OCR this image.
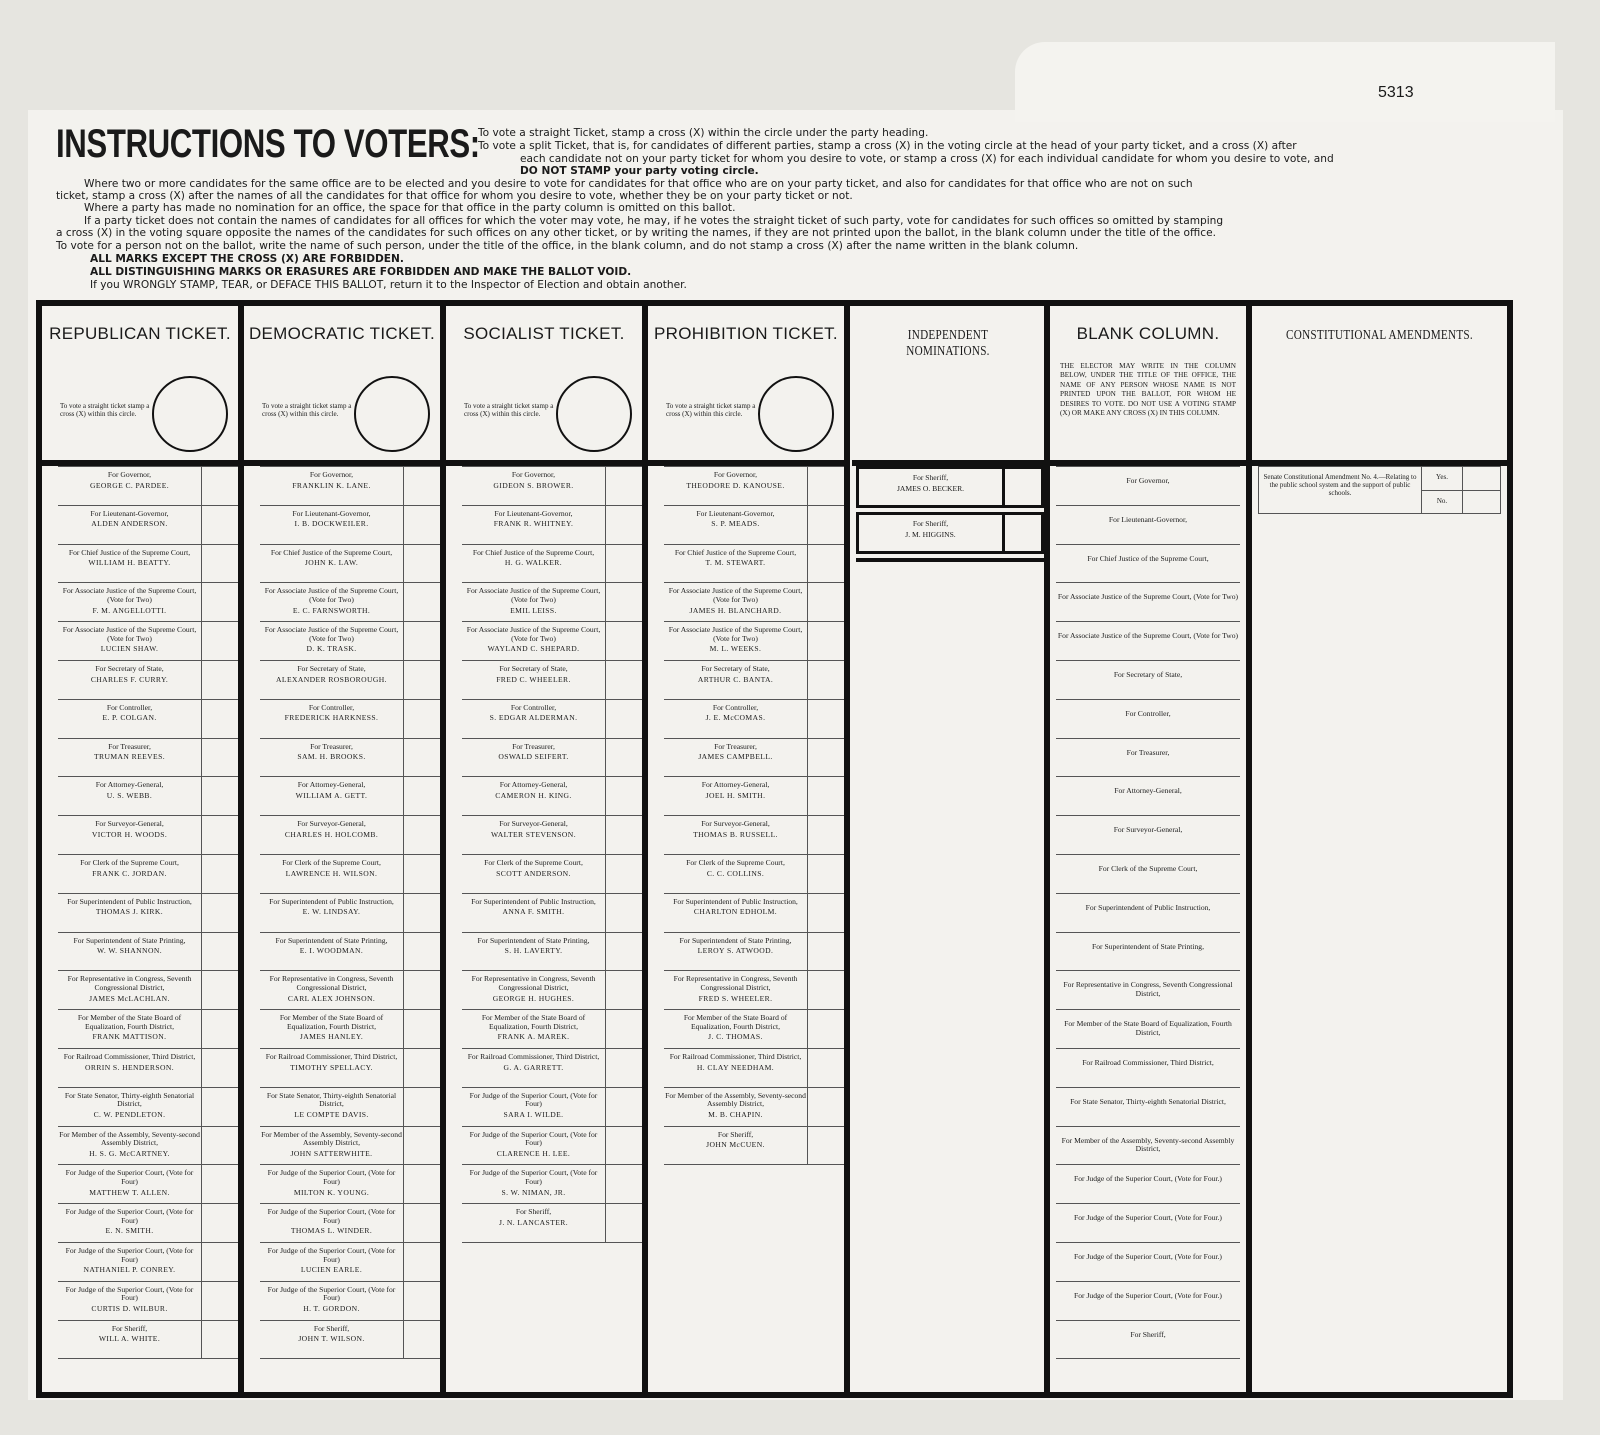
5313
INSTRUCTIONS TO VOTERS:
To vote a straight Ticket, stamp a cross (X) within the circle under the party heading.
To vote a split Ticket, that is, for candidates of different parties, stamp a cross (X) in the voting circle at the head of your party ticket, and a cross (X) after
each candidate not on your party ticket for whom you desire to vote, or stamp a cross (X) for each individual candidate for whom you desire to vote, and
DO NOT STAMP your party voting circle.
Where two or more candidates for the same office are to be elected and you desire to vote for candidates for that office who are on your party ticket, and also for candidates for that office who are not on such
ticket, stamp a cross (X) after the names of all the candidates for that office for whom you desire to vote, whether they be on your party ticket or not.
Where a party has made no nomination for an office, the space for that office in the party column is omitted on this ballot.
If a party ticket does not contain the names of candidates for all offices for which the voter may vote, he may, if he votes the straight ticket of such party, vote for candidates for such offices so omitted by stamping
a cross (X) in the voting square opposite the names of the candidates for such offices on any other ticket, or by writing the names, if they are not printed upon the ballot, in the blank column under the title of the office.
To vote for a person not on the ballot, write the name of such person, under the title of the office, in the blank column, and do not stamp a cross (X) after the name written in the blank column.
ALL MARKS EXCEPT THE CROSS (X) ARE FORBIDDEN.
ALL DISTINGUISHING MARKS OR ERASURES ARE FORBIDDEN AND MAKE THE BALLOT VOID.
If you WRONGLY STAMP, TEAR, or DEFACE THIS BALLOT, return it to the Inspector of Election and obtain another.
REPUBLICAN TICKET.
To vote a straight ticket stamp a cross (X) within this circle.
For Governor,
GEORGE C. PARDEE.
For Lieutenant-Governor,
ALDEN ANDERSON.
For Chief Justice of the Supreme Court,
WILLIAM H. BEATTY.
For Associate Justice of the Supreme Court, (Vote for Two)
F. M. ANGELLOTTI.
For Associate Justice of the Supreme Court, (Vote for Two)
LUCIEN SHAW.
For Secretary of State,
CHARLES F. CURRY.
For Controller,
E. P. COLGAN.
For Treasurer,
TRUMAN REEVES.
For Attorney-General,
U. S. WEBB.
For Surveyor-General,
VICTOR H. WOODS.
For Clerk of the Supreme Court,
FRANK C. JORDAN.
For Superintendent of Public Instruction,
THOMAS J. KIRK.
For Superintendent of State Printing,
W. W. SHANNON.
For Representative in Congress, Seventh Congressional District,
JAMES McLACHLAN.
For Member of the State Board of Equalization, Fourth District,
FRANK MATTISON.
For Railroad Commissioner, Third District,
ORRIN S. HENDERSON.
For State Senator, Thirty-eighth Senatorial District,
C. W. PENDLETON.
For Member of the Assembly, Seventy-second Assembly District,
H. S. G. McCARTNEY.
For Judge of the Superior Court, (Vote for Four)
MATTHEW T. ALLEN.
For Judge of the Superior Court, (Vote for Four)
E. N. SMITH.
For Judge of the Superior Court, (Vote for Four)
NATHANIEL P. CONREY.
For Judge of the Superior Court, (Vote for Four)
CURTIS D. WILBUR.
For Sheriff,
WILL A. WHITE.
DEMOCRATIC TICKET.
To vote a straight ticket stamp a cross (X) within this circle.
For Governor,
FRANKLIN K. LANE.
For Lieutenant-Governor,
I. B. DOCKWEILER.
For Chief Justice of the Supreme Court,
JOHN K. LAW.
For Associate Justice of the Supreme Court, (Vote for Two)
E. C. FARNSWORTH.
For Associate Justice of the Supreme Court, (Vote for Two)
D. K. TRASK.
For Secretary of State,
ALEXANDER ROSBOROUGH.
For Controller,
FREDERICK HARKNESS.
For Treasurer,
SAM. H. BROOKS.
For Attorney-General,
WILLIAM A. GETT.
For Surveyor-General,
CHARLES H. HOLCOMB.
For Clerk of the Supreme Court,
LAWRENCE H. WILSON.
For Superintendent of Public Instruction,
E. W. LINDSAY.
For Superintendent of State Printing,
E. I. WOODMAN.
For Representative in Congress, Seventh Congressional District,
CARL ALEX JOHNSON.
For Member of the State Board of Equalization, Fourth District,
JAMES HANLEY.
For Railroad Commissioner, Third District,
TIMOTHY SPELLACY.
For State Senator, Thirty-eighth Senatorial District,
LE COMPTE DAVIS.
For Member of the Assembly, Seventy-second Assembly District,
JOHN SATTERWHITE.
For Judge of the Superior Court, (Vote for Four)
MILTON K. YOUNG.
For Judge of the Superior Court, (Vote for Four)
THOMAS L. WINDER.
For Judge of the Superior Court, (Vote for Four)
LUCIEN EARLE.
For Judge of the Superior Court, (Vote for Four)
H. T. GORDON.
For Sheriff,
JOHN T. WILSON.
SOCIALIST TICKET.
To vote a straight ticket stamp a cross (X) within this circle.
For Governor,
GIDEON S. BROWER.
For Lieutenant-Governor,
FRANK R. WHITNEY.
For Chief Justice of the Supreme Court,
H. G. WALKER.
For Associate Justice of the Supreme Court, (Vote for Two)
EMIL LEISS.
For Associate Justice of the Supreme Court, (Vote for Two)
WAYLAND C. SHEPARD.
For Secretary of State,
FRED C. WHEELER.
For Controller,
S. EDGAR ALDERMAN.
For Treasurer,
OSWALD SEIFERT.
For Attorney-General,
CAMERON H. KING.
For Surveyor-General,
WALTER STEVENSON.
For Clerk of the Supreme Court,
SCOTT ANDERSON.
For Superintendent of Public Instruction,
ANNA F. SMITH.
For Superintendent of State Printing,
S. H. LAVERTY.
For Representative in Congress, Seventh Congressional District,
GEORGE H. HUGHES.
For Member of the State Board of Equalization, Fourth District,
FRANK A. MAREK.
For Railroad Commissioner, Third District,
G. A. GARRETT.
For Judge of the Superior Court, (Vote for Four)
SARA I. WILDE.
For Judge of the Superior Court, (Vote for Four)
CLARENCE H. LEE.
For Judge of the Superior Court, (Vote for Four)
S. W. NIMAN, JR.
For Sheriff,
J. N. LANCASTER.
PROHIBITION TICKET.
To vote a straight ticket stamp a cross (X) within this circle.
For Governor,
THEODORE D. KANOUSE.
For Lieutenant-Governor,
S. P. MEADS.
For Chief Justice of the Supreme Court,
T. M. STEWART.
For Associate Justice of the Supreme Court, (Vote for Two)
JAMES H. BLANCHARD.
For Associate Justice of the Supreme Court, (Vote for Two)
M. L. WEEKS.
For Secretary of State,
ARTHUR C. BANTA.
For Controller,
J. E. McCOMAS.
For Treasurer,
JAMES CAMPBELL.
For Attorney-General,
JOEL H. SMITH.
For Surveyor-General,
THOMAS B. RUSSELL.
For Clerk of the Supreme Court,
C. C. COLLINS.
For Superintendent of Public Instruction,
CHARLTON EDHOLM.
For Superintendent of State Printing,
LEROY S. ATWOOD.
For Representative in Congress, Seventh Congressional District,
FRED S. WHEELER.
For Member of the State Board of Equalization, Fourth District,
J. C. THOMAS.
For Railroad Commissioner, Third District,
H. CLAY NEEDHAM.
For Member of the Assembly, Seventy-second Assembly District,
M. B. CHAPIN.
For Sheriff,
JOHN McCUEN.
INDEPENDENT NOMINATIONS.
For Sheriff,
JAMES O. BECKER.
For Sheriff,
J. M. HIGGINS.
BLANK COLUMN.
THE ELECTOR MAY WRITE IN THE COLUMN BELOW, UNDER THE TITLE OF THE OFFICE, THE NAME OF ANY PERSON WHOSE NAME IS NOT PRINTED UPON THE BALLOT, FOR WHOM HE DESIRES TO VOTE. DO NOT USE A VOTING STAMP (X) OR MAKE ANY CROSS (X) IN THIS COLUMN.
For Governor,
For Lieutenant-Governor,
For Chief Justice of the Supreme Court,
For Associate Justice of the Supreme Court, (Vote for Two)
For Associate Justice of the Supreme Court, (Vote for Two)
For Secretary of State,
For Controller,
For Treasurer,
For Attorney-General,
For Surveyor-General,
For Clerk of the Supreme Court,
For Superintendent of Public Instruction,
For Superintendent of State Printing,
For Representative in Congress, Seventh Congressional District,
For Member of the State Board of Equalization, Fourth District,
For Railroad Commissioner, Third District,
For State Senator, Thirty-eighth Senatorial District,
For Member of the Assembly, Seventy-second Assembly District,
For Judge of the Superior Court, (Vote for Four.)
For Judge of the Superior Court, (Vote for Four.)
For Judge of the Superior Court, (Vote for Four.)
For Judge of the Superior Court, (Vote for Four.)
For Sheriff,
CONSTITUTIONAL AMENDMENTS.
Senate Constitutional Amendment No. 4.—Relating to the public school system and the support of public schools.
Yes.
No.
